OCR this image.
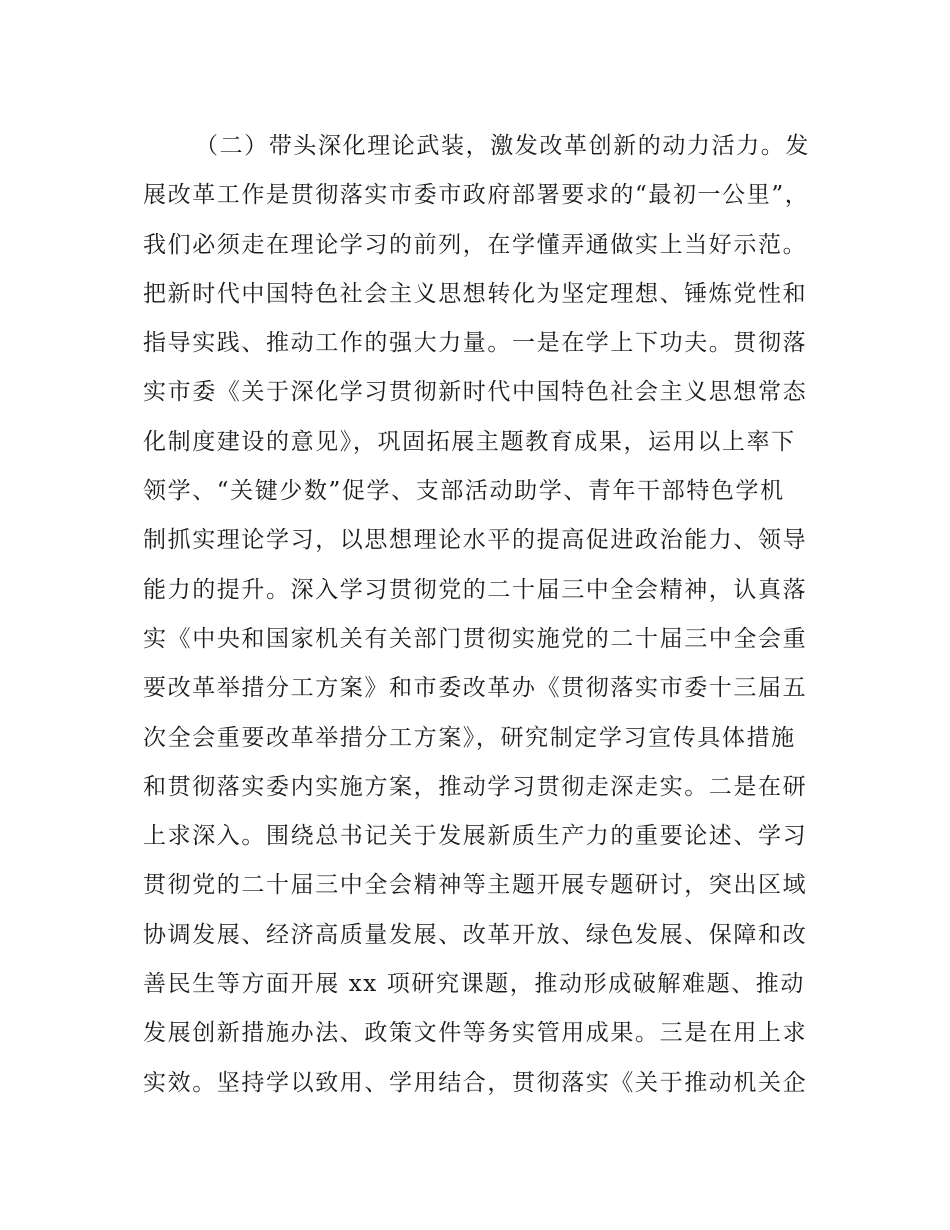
（二）带头深化理论武装，激发改革创新的动力活力。发
展改革工作是贯彻落实市委市政府部署要求的“最初一公里”，
我们必须走在理论学习的前列，在学懂弄通做实上当好示范。
把新时代中国特色社会主义思想转化为坚定理想、锤炼党性和
指导实践、推动工作的强大力量。一是在学上下功夫。贯彻落
实市委《关于深化学习贯彻新时代中国特色社会主义思想常态
化制度建设的意见》，巩固拓展主题教育成果，运用以上率下
领学、“关键少数”促学、支部活动助学、青年干部特色学机
制抓实理论学习，以思想理论水平的提高促进政治能力、领导
能力的提升。深入学习贯彻党的二十届三中全会精神，认真落
实《中央和国家机关有关部门贯彻实施党的二十届三中全会重
要改革举措分工方案》和市委改革办《贯彻落实市委十三届五
次全会重要改革举措分工方案》，研究制定学习宣传具体措施
和贯彻落实委内实施方案，推动学习贯彻走深走实。二是在研
上求深入。围绕总书记关于发展新质生产力的重要论述、学习
贯彻党的二十届三中全会精神等主题开展专题研讨，突出区域
协调发展、经济高质量发展、改革开放、绿色发展、保障和改
善民生等方面开展 xx 项研究课题，推动形成破解难题、推动
发展创新措施办法、政策文件等务实管用成果。三是在用上求
实效。坚持学以致用、学用结合，贯彻落实《关于推动机关企
